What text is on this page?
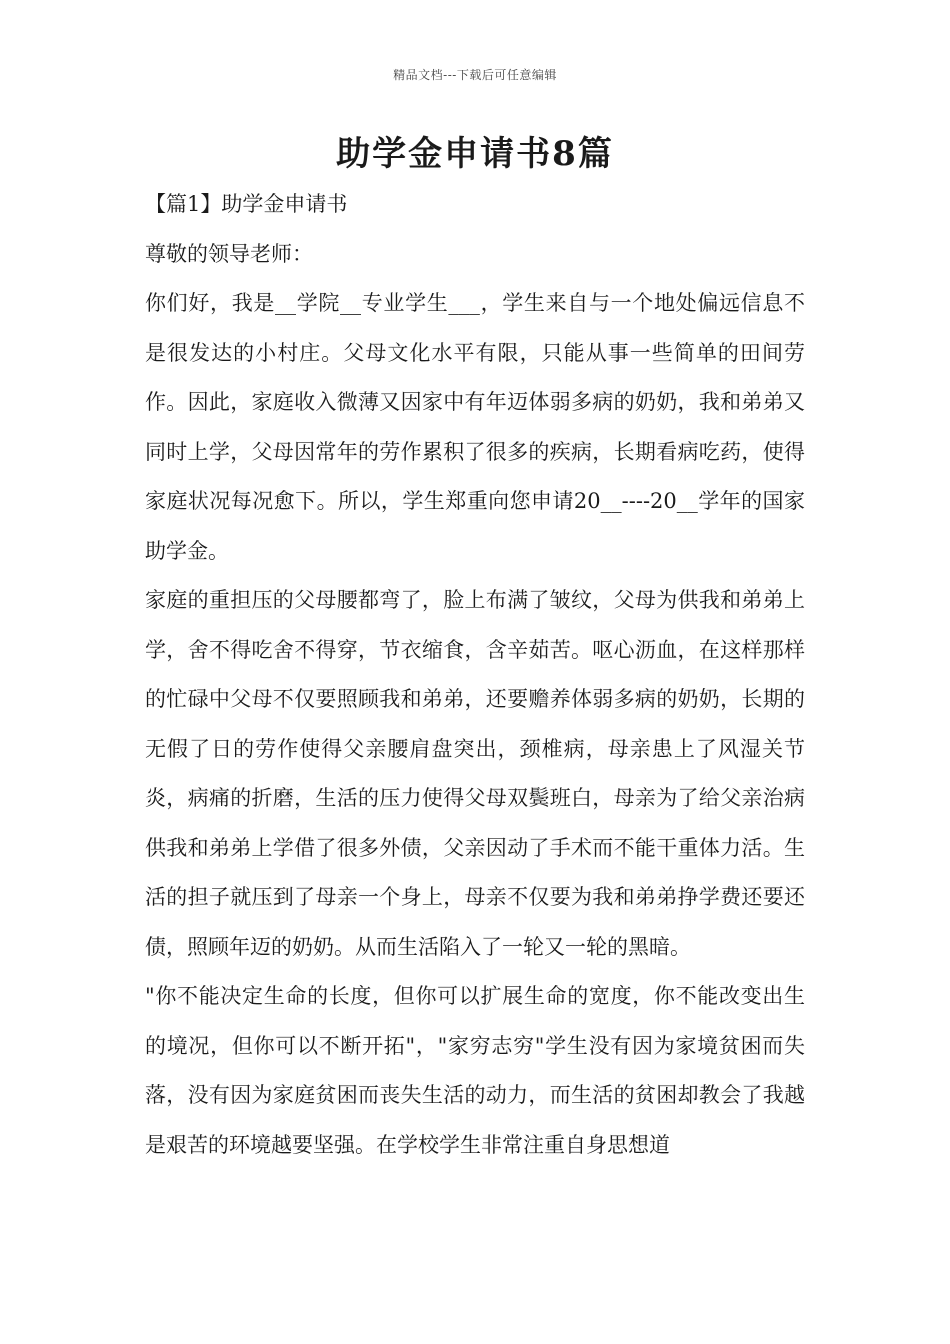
精品文档---下载后可任意编辑
助学金申请书8篇

【篇1】助学金申请书

尊敬的领导老师：

你们好，我是__学院__专业学生___，学生来自与一个地处偏远信息不是很发达的小村庄。父母文化水平有限，只能从事一些简单的田间劳作。因此，家庭收入微薄又因家中有年迈体弱多病的奶奶，我和弟弟又同时上学，父母因常年的劳作累积了很多的疾病，长期看病吃药，使得家庭状况每况愈下。所以，学生郑重向您申请20__----20__学年的国家助学金。

家庭的重担压的父母腰都弯了，脸上布满了皱纹，父母为供我和弟弟上学，舍不得吃舍不得穿，节衣缩食，含辛茹苦。呕心沥血，在这样那样的忙碌中父母不仅要照顾我和弟弟，还要赡养体弱多病的奶奶，长期的无假了日的劳作使得父亲腰肩盘突出，颈椎病，母亲患上了风湿关节炎，病痛的折磨，生活的压力使得父母双鬓班白，母亲为了给父亲治病供我和弟弟上学借了很多外债，父亲因动了手术而不能干重体力活。生活的担子就压到了母亲一个身上，母亲不仅要为我和弟弟挣学费还要还债，照顾年迈的奶奶。从而生活陷入了一轮又一轮的黑暗。

"你不能决定生命的长度，但你可以扩展生命的宽度，你不能改变出生的境况，但你可以不断开拓"，"家穷志穷"学生没有因为家境贫困而失落，没有因为家庭贫困而丧失生活的动力，而生活的贫困却教会了我越是艰苦的环境越要坚强。在学校学生非常注重自身思想道
